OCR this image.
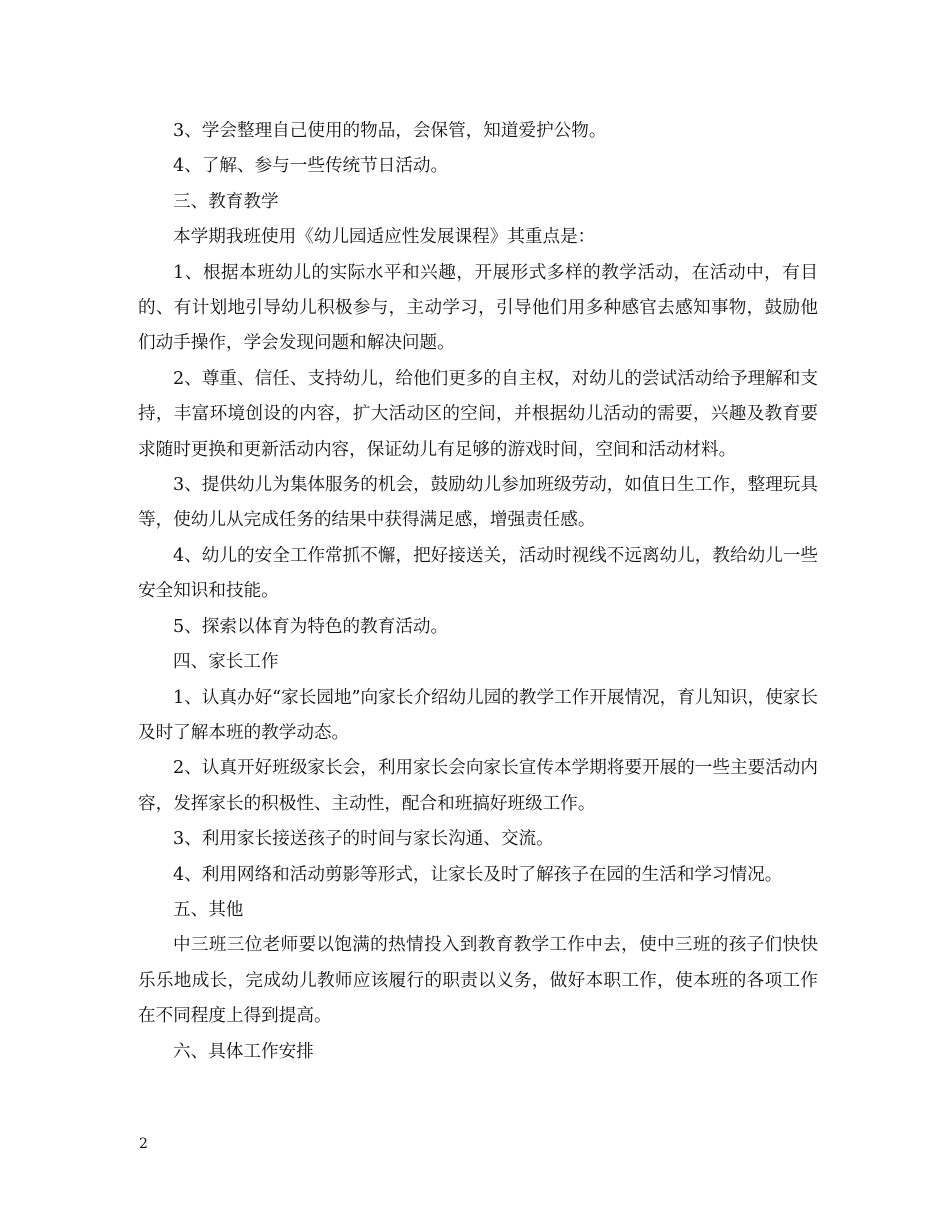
3、学会整理自己使用的物品，会保管，知道爱护公物。

4、了解、参与一些传统节日活动。

三、教育教学

本学期我班使用《幼儿园适应性发展课程》其重点是：

1、根据本班幼儿的实际水平和兴趣，开展形式多样的教学活动，在活动中，有目的、有计划地引导幼儿积极参与，主动学习，引导他们用多种感官去感知事物，鼓励他们动手操作，学会发现问题和解决问题。

2、尊重、信任、支持幼儿，给他们更多的自主权，对幼儿的尝试活动给予理解和支持，丰富环境创设的内容，扩大活动区的空间，并根据幼儿活动的需要，兴趣及教育要求随时更换和更新活动内容，保证幼儿有足够的游戏时间，空间和活动材料。

3、提供幼儿为集体服务的机会，鼓励幼儿参加班级劳动，如值日生工作，整理玩具等，使幼儿从完成任务的结果中获得满足感，增强责任感。

4、幼儿的安全工作常抓不懈，把好接送关，活动时视线不远离幼儿，教给幼儿一些安全知识和技能。

5、探索以体育为特色的教育活动。

四、家长工作

1、认真办好“家长园地”向家长介绍幼儿园的教学工作开展情况，育儿知识，使家长及时了解本班的教学动态。

2、认真开好班级家长会，利用家长会向家长宣传本学期将要开展的一些主要活动内容，发挥家长的积极性、主动性，配合和班搞好班级工作。

3、利用家长接送孩子的时间与家长沟通、交流。

4、利用网络和活动剪影等形式，让家长及时了解孩子在园的生活和学习情况。

五、其他

中三班三位老师要以饱满的热情投入到教育教学工作中去，使中三班的孩子们快快乐乐地成长，完成幼儿教师应该履行的职责以义务，做好本职工作，使本班的各项工作在不同程度上得到提高。

六、具体工作安排

2
